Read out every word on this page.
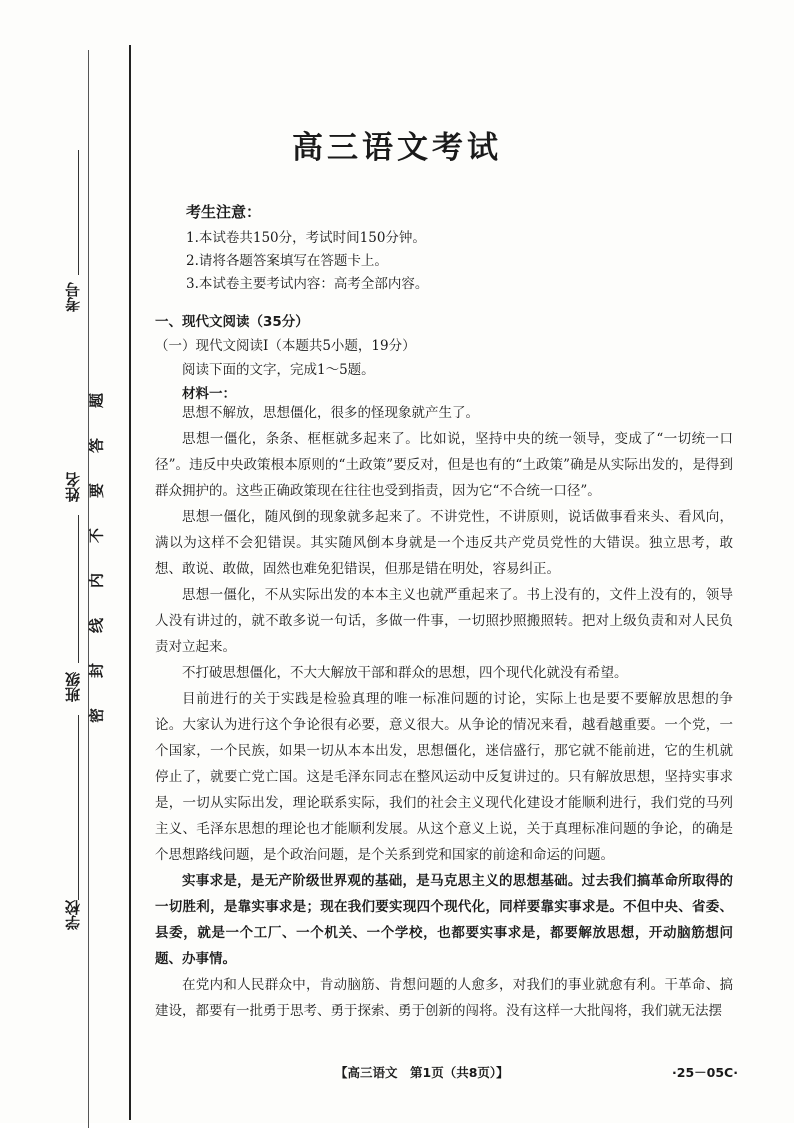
考号
姓名
班级
学校
题
答
要
不
内
线
封
密
高三语文考试
考生注意：
1.本试卷共150分，考试时间150分钟。
2.请将各题答案填写在答题卡上。
3.本试卷主要考试内容：高考全部内容。
一、现代文阅读（35分）
（一）现代文阅读Ⅰ（本题共5小题，19分）
阅读下面的文字，完成1～5题。
材料一：

思想不解放，思想僵化，很多的怪现象就产生了。

思想一僵化，条条、框框就多起来了。比如说，坚持中央的统一领导，变成了“一切统一口径”。违反中央政策根本原则的“土政策”要反对，但是也有的“土政策”确是从实际出发的，是得到群众拥护的。这些正确政策现在往往也受到指责，因为它“不合统一口径”。

思想一僵化，随风倒的现象就多起来了。不讲党性，不讲原则，说话做事看来头、看风向，满以为这样不会犯错误。其实随风倒本身就是一个违反共产党员党性的大错误。独立思考，敢想、敢说、敢做，固然也难免犯错误，但那是错在明处，容易纠正。

思想一僵化，不从实际出发的本本主义也就严重起来了。书上没有的，文件上没有的，领导人没有讲过的，就不敢多说一句话，多做一件事，一切照抄照搬照转。把对上级负责和对人民负责对立起来。

不打破思想僵化，不大大解放干部和群众的思想，四个现代化就没有希望。

目前进行的关于实践是检验真理的唯一标准问题的讨论，实际上也是要不要解放思想的争论。大家认为进行这个争论很有必要，意义很大。从争论的情况来看，越看越重要。一个党，一个国家，一个民族，如果一切从本本出发，思想僵化，迷信盛行，那它就不能前进，它的生机就停止了，就要亡党亡国。这是毛泽东同志在整风运动中反复讲过的。只有解放思想，坚持实事求是，一切从实际出发，理论联系实际，我们的社会主义现代化建设才能顺利进行，我们党的马列主义、毛泽东思想的理论也才能顺利发展。从这个意义上说，关于真理标准问题的争论，的确是个思想路线问题，是个政治问题，是个关系到党和国家的前途和命运的问题。

实事求是，是无产阶级世界观的基础，是马克思主义的思想基础。过去我们搞革命所取得的一切胜利，是靠实事求是；现在我们要实现四个现代化，同样要靠实事求是。不但中央、省委、县委，就是一个工厂、一个机关、一个学校，也都要实事求是，都要解放思想，开动脑筋想问题、办事情。

在党内和人民群众中，肯动脑筋、肯想问题的人愈多，对我们的事业就愈有利。干革命、搞建设，都要有一批勇于思考、勇于探索、勇于创新的闯将。没有这样一大批闯将，我们就无法摆

【高三语文　第1页（共8页）】	·25－05C·
